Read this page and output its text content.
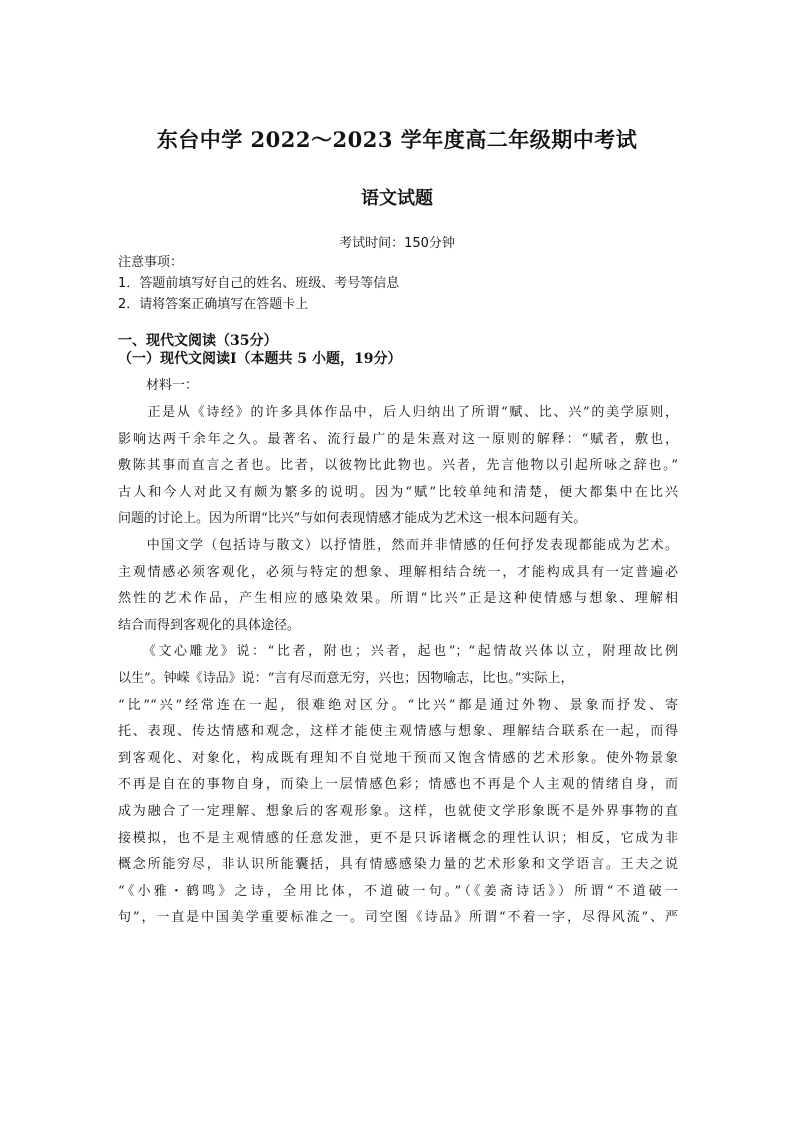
东台中学 2022～2023 学年度高二年级期中考试
语文试题
考试时间：150分钟
注意事项：
1．答题前填写好自己的姓名、班级、考号等信息
2．请将答案正确填写在答题卡上
一、现代文阅读（35分）
（一）现代文阅读Ⅰ（本题共 5 小题，19分）
材料一：
　　正是从《诗经》的许多具体作品中，后人归纳出了所谓“赋、比、兴”的美学原则，
影响达两千余年之久。最著名、流行最广的是朱熹对这一原则的解释：“赋者，敷也，
敷陈其事而直言之者也。比者，以彼物比此物也。兴者，先言他物以引起所咏之辞也。”
古人和今人对此又有颇为繁多的说明。因为“赋”比较单纯和清楚，便大都集中在比兴
问题的讨论上。因为所谓“比兴”与如何表现情感才能成为艺术这一根本问题有关。
　　中国文学（包括诗与散文）以抒情胜，然而并非情感的任何抒发表现都能成为艺术。
主观情感必须客观化，必须与特定的想象、理解相结合统一，才能构成具有一定普遍必
然性的艺术作品，产生相应的感染效果。所谓“比兴”正是这种使情感与想象、理解相
结合而得到客观化的具体途径。
　　《文心雕龙》说：“比者，附也；兴者，起也”；“起情故兴体以立，附理故比例
以生”。钟嵘《诗品》说：“言有尽而意无穷，兴也；因物喻志，比也。”实际上，
“比”“兴”经常连在一起，很难绝对区分。“比兴”都是通过外物、景象而抒发、寄
托、表现、传达情感和观念，这样才能使主观情感与想象、理解结合联系在一起，而得
到客观化、对象化，构成既有理知不自觉地干预而又饱含情感的艺术形象。使外物景象
不再是自在的事物自身，而染上一层情感色彩；情感也不再是个人主观的情绪自身，而
成为融合了一定理解、想象后的客观形象。这样，也就使文学形象既不是外界事物的直
接模拟，也不是主观情感的任意发泄，更不是只诉诸概念的理性认识；相反，它成为非
概念所能穷尽，非认识所能囊括，具有情感感染力量的艺术形象和文学语言。王夫之说
“《小雅・鹤鸣》之诗，全用比体，不道破一句。”（《姜斋诗话》）所谓“不道破一
句”，一直是中国美学重要标准之一。司空图《诗品》所谓“不着一字，尽得风流”、严
